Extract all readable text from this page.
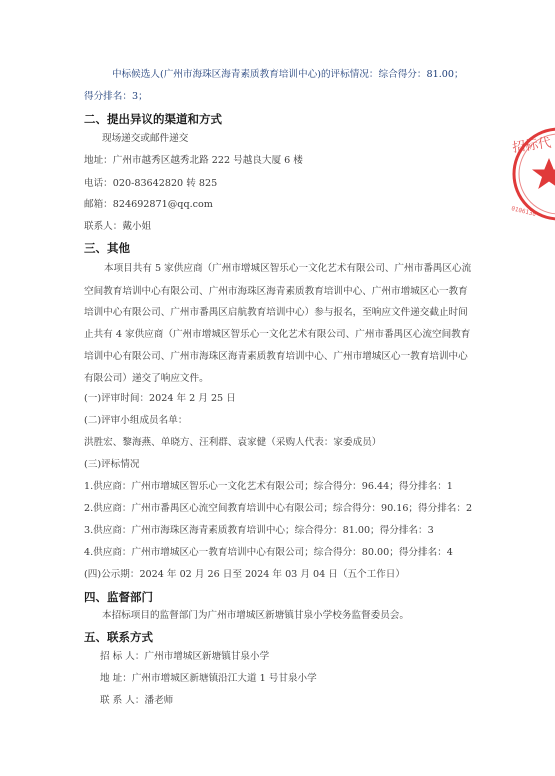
中标候选人(广州市海珠区海青素质教育培训中心)的评标情况：综合得分：81.00；
得分排名：3；
二、提出异议的渠道和方式
现场递交或邮件递交
地址：广州市越秀区越秀北路 222 号越良大厦 6 楼
电话：020-83642820 转 825
邮箱：824692871@qq.com
联系人：戴小姐
三、其他
本项目共有 5 家供应商（广州市增城区智乐心一文化艺术有限公司、广州市番禺区心流
空间教育培训中心有限公司、广州市海珠区海青素质教育培训中心、广州市增城区心一教育
培训中心有限公司、广州市番禺区启航教育培训中心）参与报名，至响应文件递交截止时间
止共有 4 家供应商（广州市增城区智乐心一文化艺术有限公司、广州市番禺区心流空间教育
培训中心有限公司、广州市海珠区海青素质教育培训中心、广州市增城区心一教育培训中心
有限公司）递交了响应文件。
(一)评审时间：2024 年 2 月 25 日
(二)评审小组成员名单：
洪胜宏、黎海燕、单晓方、汪利群、袁家健（采购人代表：家委成员）
(三)评标情况
1.供应商：广州市增城区智乐心一文化艺术有限公司；综合得分：96.44；得分排名：1
2.供应商：广州市番禺区心流空间教育培训中心有限公司；综合得分：90.16；得分排名：2
3.供应商：广州市海珠区海青素质教育培训中心；综合得分：81.00；得分排名：3
4.供应商：广州市增城区心一教育培训中心有限公司；综合得分：80.00；得分排名：4
(四)公示期：2024 年 02 月 26 日至 2024 年 03 月 04 日（五个工作日）
四、监督部门
本招标项目的监督部门为广州市增城区新塘镇甘泉小学校务监督委员会。
五、联系方式
招 标 人：广州市增城区新塘镇甘泉小学
地 址：广州市增城区新塘镇沿江大道 1 号甘泉小学
联 系 人：潘老师
招标代
0106130
